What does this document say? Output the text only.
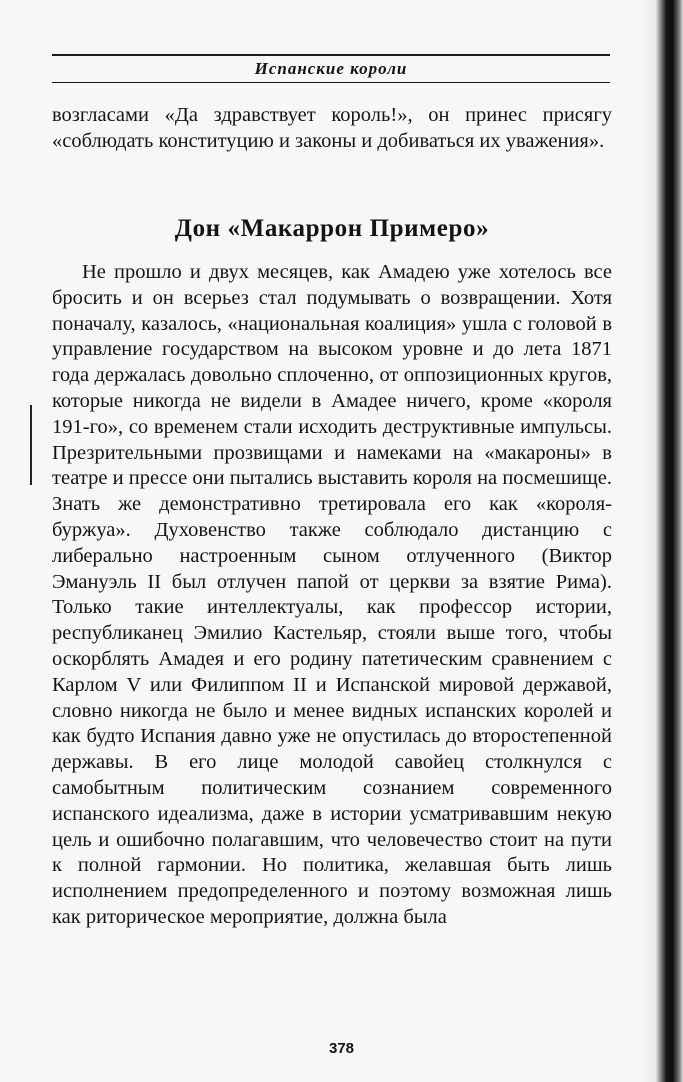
Испанские короли

возгласами «Да здравствует король!», он принес присягу «соблюдать конституцию и законы и добиваться их уважения».

Дон «Макаррон Примеро»

Не прошло и двух месяцев, как Амадею уже хотелось все бросить и он всерьез стал подумывать о возвращении. Хотя поначалу, казалось, «национальная коалиция» ушла с головой в управление государством на высоком уровне и до лета 1871 года держалась довольно сплоченно, от оппозиционных кругов, которые никогда не видели в Амадее ничего, кроме «короля 191-го», со временем стали исходить деструктивные импульсы. Презрительными прозвищами и намеками на «макароны» в театре и прессе они пытались выставить короля на посмешище. Знать же демонстративно третировала его как «короля-буржуа». Духовенство также соблюдало дистанцию с либерально настроенным сыном отлученного (Виктор Эмануэль II был отлучен папой от церкви за взятие Рима). Только такие интеллектуалы, как профессор истории, республиканец Эмилио Кастельяр, стояли выше того, чтобы оскорблять Амадея и его родину патетическим сравнением с Карлом V или Филиппом II и Испанской мировой державой, словно никогда не было и менее видных испанских королей и как будто Испания давно уже не опустилась до второстепенной державы. В его лице молодой савойец столкнулся с самобытным политическим сознанием современного испанского идеализма, даже в истории усматривавшим некую цель и ошибочно полагавшим, что человечество стоит на пути к полной гармонии. Но политика, желавшая быть лишь исполнением предопределенного и поэтому возможная лишь как риторическое мероприятие, должна была

378
